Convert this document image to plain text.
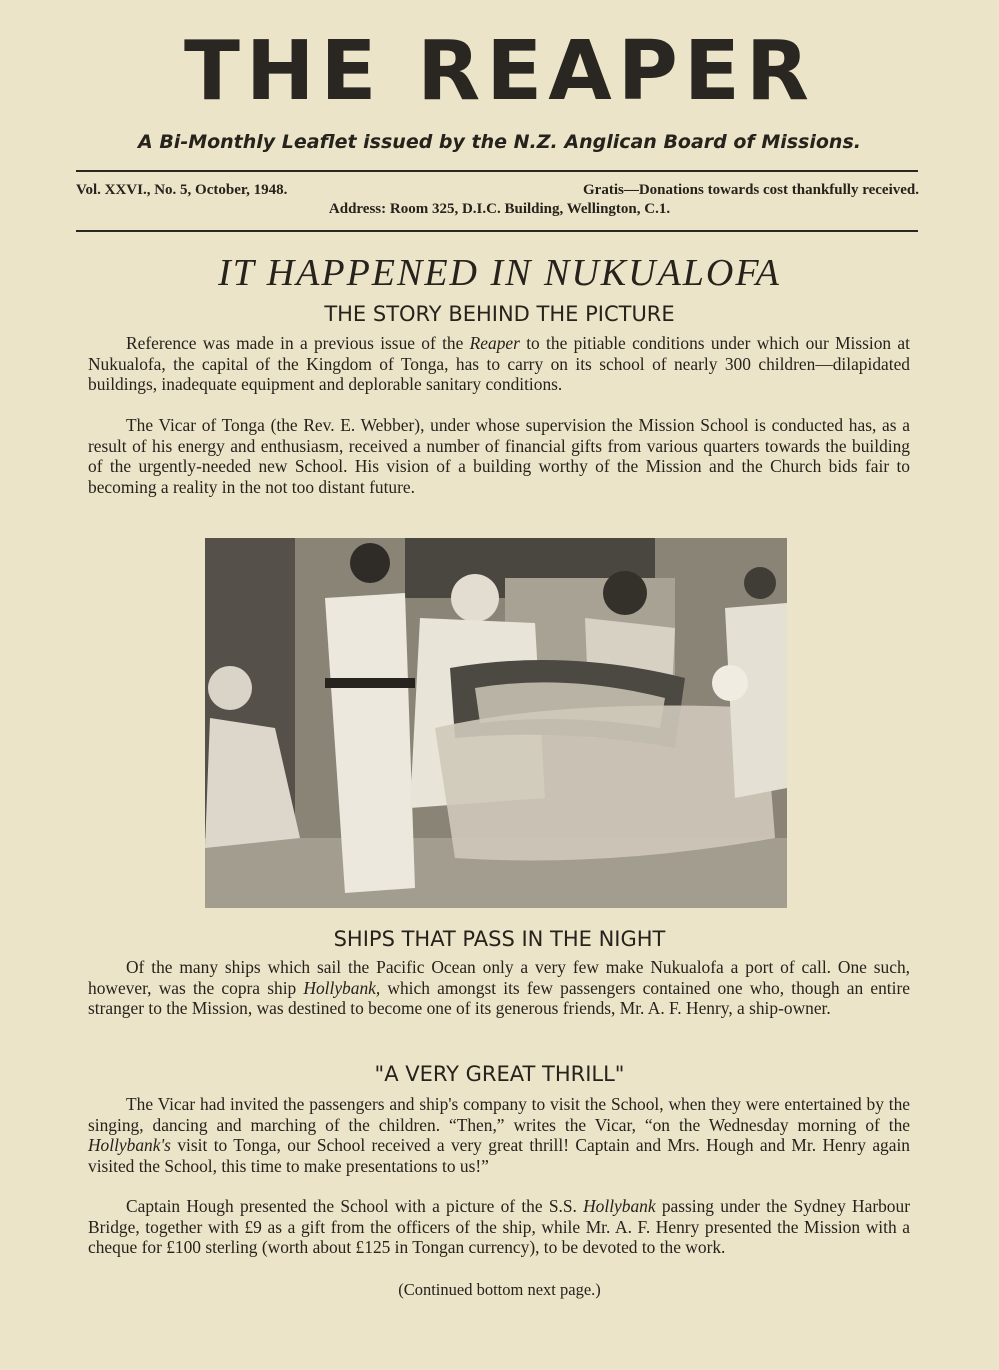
THE REAPER
A Bi-Monthly Leaflet issued by the N.Z. Anglican Board of Missions.
Vol. XXVI., No. 5, October, 1948.	Gratis—Donations towards cost thankfully received.
Address: Room 325, D.I.C. Building, Wellington, C.1.
IT HAPPENED IN NUKUALOFA
THE STORY BEHIND THE PICTURE

Reference was made in a previous issue of the Reaper to the pitiable conditions under which our Mission at Nukualofa, the capital of the Kingdom of Tonga, has to carry on its school of nearly 300 children—dilapidated buildings, inadequate equipment and deplorable sanitary conditions.

The Vicar of Tonga (the Rev. E. Webber), under whose supervision the Mission School is conducted has, as a result of his energy and enthusiasm, received a number of financial gifts from various quarters towards the building of the urgently-needed new School. His vision of a building worthy of the Mission and the Church bids fair to becoming a reality in the not too distant future.

SHIPS THAT PASS IN THE NIGHT

Of the many ships which sail the Pacific Ocean only a very few make Nukualofa a port of call. One such, however, was the copra ship Hollybank, which amongst its few passengers contained one who, though an entire stranger to the Mission, was destined to become one of its generous friends, Mr. A. F. Henry, a ship-owner.

"A VERY GREAT THRILL"

The Vicar had invited the passengers and ship's company to visit the School, when they were entertained by the singing, dancing and marching of the children. “Then,” writes the Vicar, “on the Wednesday morning of the Hollybank's visit to Tonga, our School received a very great thrill! Captain and Mrs. Hough and Mr. Henry again visited the School, this time to make presentations to us!”

Captain Hough presented the School with a picture of the S.S. Hollybank passing under the Sydney Harbour Bridge, together with £9 as a gift from the officers of the ship, while Mr. A. F. Henry presented the Mission with a cheque for £100 sterling (worth about £125 in Tongan currency), to be devoted to the work.

(Continued bottom next page.)
